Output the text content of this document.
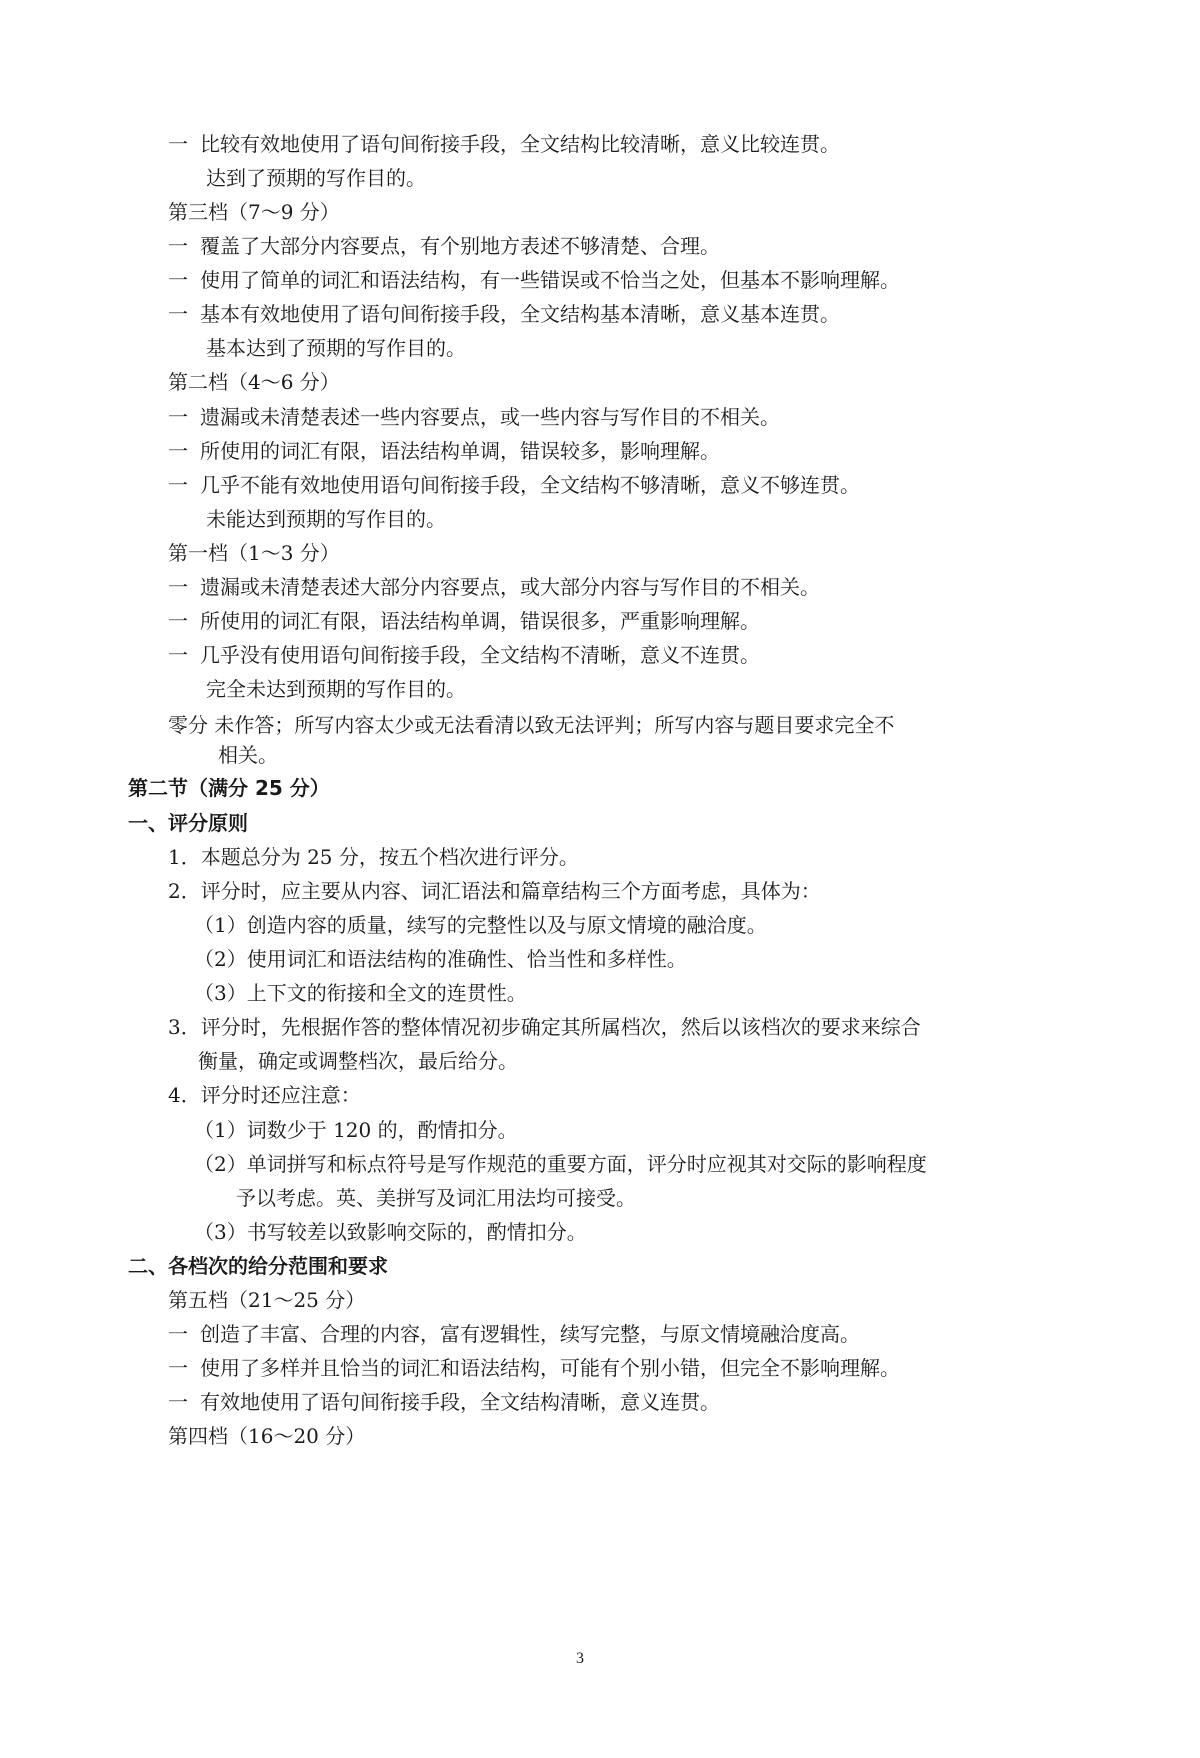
一 比较有效地使用了语句间衔接手段，全文结构比较清晰，意义比较连贯。
达到了预期的写作目的。
第三档（7～9 分）
一 覆盖了大部分内容要点，有个别地方表述不够清楚、合理。
一 使用了简单的词汇和语法结构，有一些错误或不恰当之处，但基本不影响理解。
一 基本有效地使用了语句间衔接手段，全文结构基本清晰，意义基本连贯。
基本达到了预期的写作目的。
第二档（4～6 分）
一 遗漏或未清楚表述一些内容要点，或一些内容与写作目的不相关。
一 所使用的词汇有限，语法结构单调，错误较多，影响理解。
一 几乎不能有效地使用语句间衔接手段，全文结构不够清晰，意义不够连贯。
未能达到预期的写作目的。
第一档（1～3 分）
一 遗漏或未清楚表述大部分内容要点，或大部分内容与写作目的不相关。
一 所使用的词汇有限，语法结构单调，错误很多，严重影响理解。
一 几乎没有使用语句间衔接手段，全文结构不清晰，意义不连贯。
完全未达到预期的写作目的。
零分 未作答；所写内容太少或无法看清以致无法评判；所写内容与题目要求完全不
相关。
第二节（满分 25 分）
一、评分原则
1．本题总分为 25 分，按五个档次进行评分。
2．评分时，应主要从内容、词汇语法和篇章结构三个方面考虑，具体为：
（1）创造内容的质量，续写的完整性以及与原文情境的融洽度。
（2）使用词汇和语法结构的准确性、恰当性和多样性。
（3）上下文的衔接和全文的连贯性。
3．评分时，先根据作答的整体情况初步确定其所属档次，然后以该档次的要求来综合
衡量，确定或调整档次，最后给分。
4．评分时还应注意：
（1）词数少于 120 的，酌情扣分。
（2）单词拼写和标点符号是写作规范的重要方面，评分时应视其对交际的影响程度
予以考虑。英、美拼写及词汇用法均可接受。
（3）书写较差以致影响交际的，酌情扣分。
二、各档次的给分范围和要求
第五档（21～25 分）
一 创造了丰富、合理的内容，富有逻辑性，续写完整，与原文情境融洽度高。
一 使用了多样并且恰当的词汇和语法结构，可能有个别小错，但完全不影响理解。
一 有效地使用了语句间衔接手段，全文结构清晰，意义连贯。
第四档（16～20 分）
3
